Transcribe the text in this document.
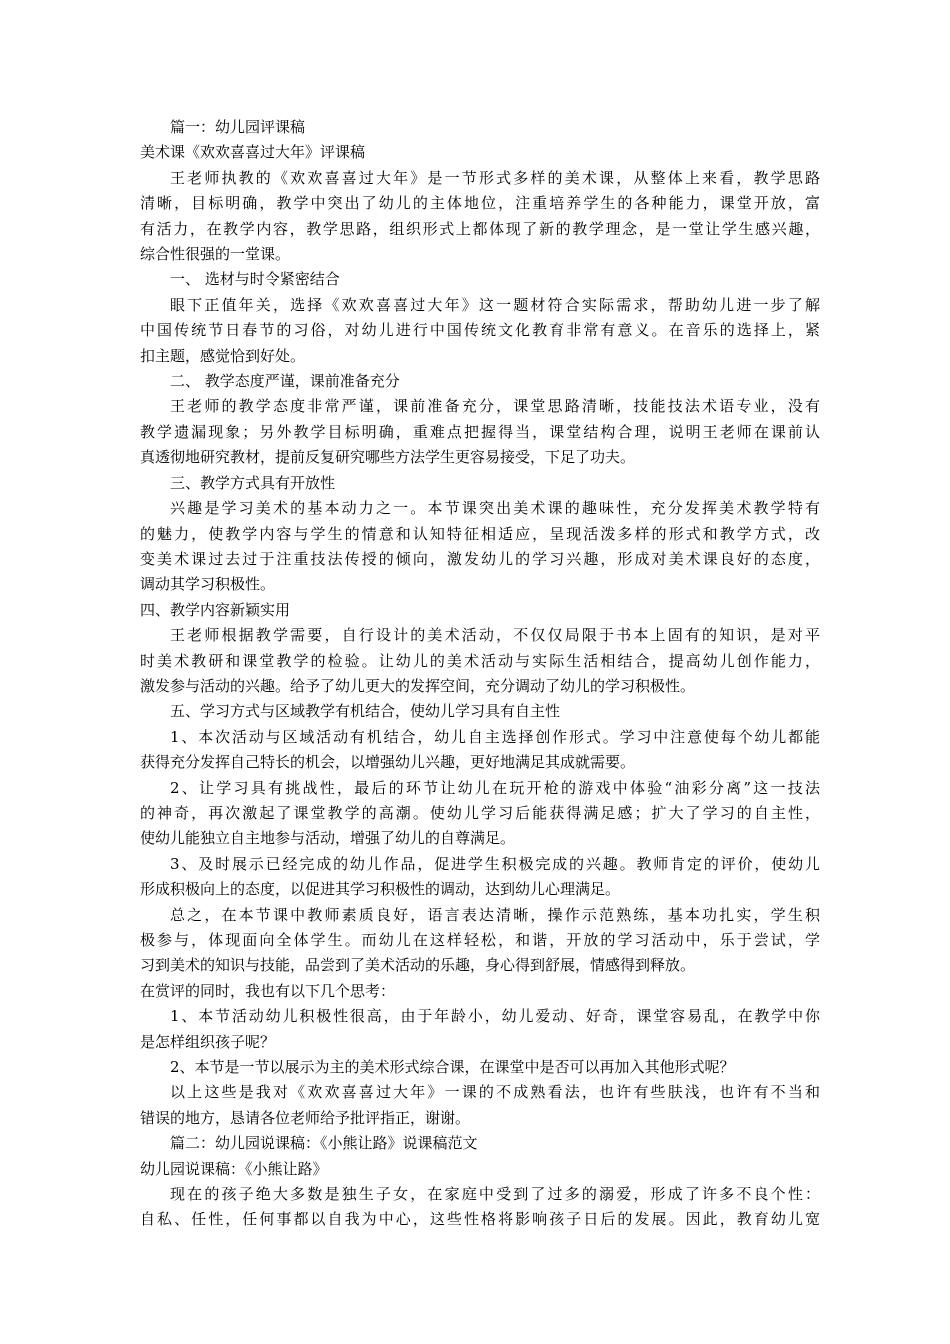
篇一：幼儿园评课稿

美术课《欢欢喜喜过大年》评课稿

王老师执教的《欢欢喜喜过大年》是一节形式多样的美术课，从整体上来看，教学思路

清晰，目标明确，教学中突出了幼儿的主体地位，注重培养学生的各种能力，课堂开放，富

有活力，在教学内容，教学思路，组织形式上都体现了新的教学理念，是一堂让学生感兴趣，

综合性很强的一堂课。

一、 选材与时令紧密结合

眼下正值年关，选择《欢欢喜喜过大年》这一题材符合实际需求，帮助幼儿进一步了解

中国传统节日春节的习俗，对幼儿进行中国传统文化教育非常有意义。在音乐的选择上，紧

扣主题，感觉恰到好处。

二、 教学态度严谨，课前准备充分

王老师的教学态度非常严谨，课前准备充分，课堂思路清晰，技能技法术语专业，没有

教学遗漏现象；另外教学目标明确，重难点把握得当，课堂结构合理，说明王老师在课前认

真透彻地研究教材，提前反复研究哪些方法学生更容易接受，下足了功夫。

三、教学方式具有开放性

兴趣是学习美术的基本动力之一。本节课突出美术课的趣味性，充分发挥美术教学特有

的魅力，使教学内容与学生的情意和认知特征相适应，呈现活泼多样的形式和教学方式，改

变美术课过去过于注重技法传授的倾向，激发幼儿的学习兴趣，形成对美术课良好的态度，

调动其学习积极性。

四、教学内容新颖实用

王老师根据教学需要，自行设计的美术活动，不仅仅局限于书本上固有的知识，是对平

时美术教研和课堂教学的检验。让幼儿的美术活动与实际生活相结合，提高幼儿创作能力，

激发参与活动的兴趣。给予了幼儿更大的发挥空间，充分调动了幼儿的学习积极性。

五、学习方式与区域教学有机结合，使幼儿学习具有自主性

1、本次活动与区域活动有机结合，幼儿自主选择创作形式。学习中注意使每个幼儿都能

获得充分发挥自己特长的机会，以增强幼儿兴趣，更好地满足其成就需要。

2、让学习具有挑战性，最后的环节让幼儿在玩开枪的游戏中体验“油彩分离”这一技法

的神奇，再次激起了课堂教学的高潮。使幼儿学习后能获得满足感；扩大了学习的自主性，

使幼儿能独立自主地参与活动，增强了幼儿的自尊满足。

3、及时展示已经完成的幼儿作品，促进学生积极完成的兴趣。教师肯定的评价，使幼儿

形成积极向上的态度，以促进其学习积极性的调动，达到幼儿心理满足。

总之，在本节课中教师素质良好，语言表达清晰，操作示范熟练，基本功扎实，学生积

极参与，体现面向全体学生。而幼儿在这样轻松，和谐，开放的学习活动中，乐于尝试，学

习到美术的知识与技能，品尝到了美术活动的乐趣，身心得到舒展，情感得到释放。

在赏评的同时，我也有以下几个思考：

1、本节活动幼儿积极性很高，由于年龄小，幼儿爱动、好奇，课堂容易乱，在教学中你

是怎样组织孩子呢？

2、本节是一节以展示为主的美术形式综合课，在课堂中是否可以再加入其他形式呢？

以上这些是我对《欢欢喜喜过大年》一课的不成熟看法，也许有些肤浅，也许有不当和

错误的地方，恳请各位老师给予批评指正，谢谢。

篇二：幼儿园说课稿：《小熊让路》说课稿范文

幼儿园说课稿：《小熊让路》

现在的孩子绝大多数是独生子女，在家庭中受到了过多的溺爱，形成了许多不良个性：

自私、任性，任何事都以自我为中心，这些性格将影响孩子日后的发展。因此，教育幼儿宽
